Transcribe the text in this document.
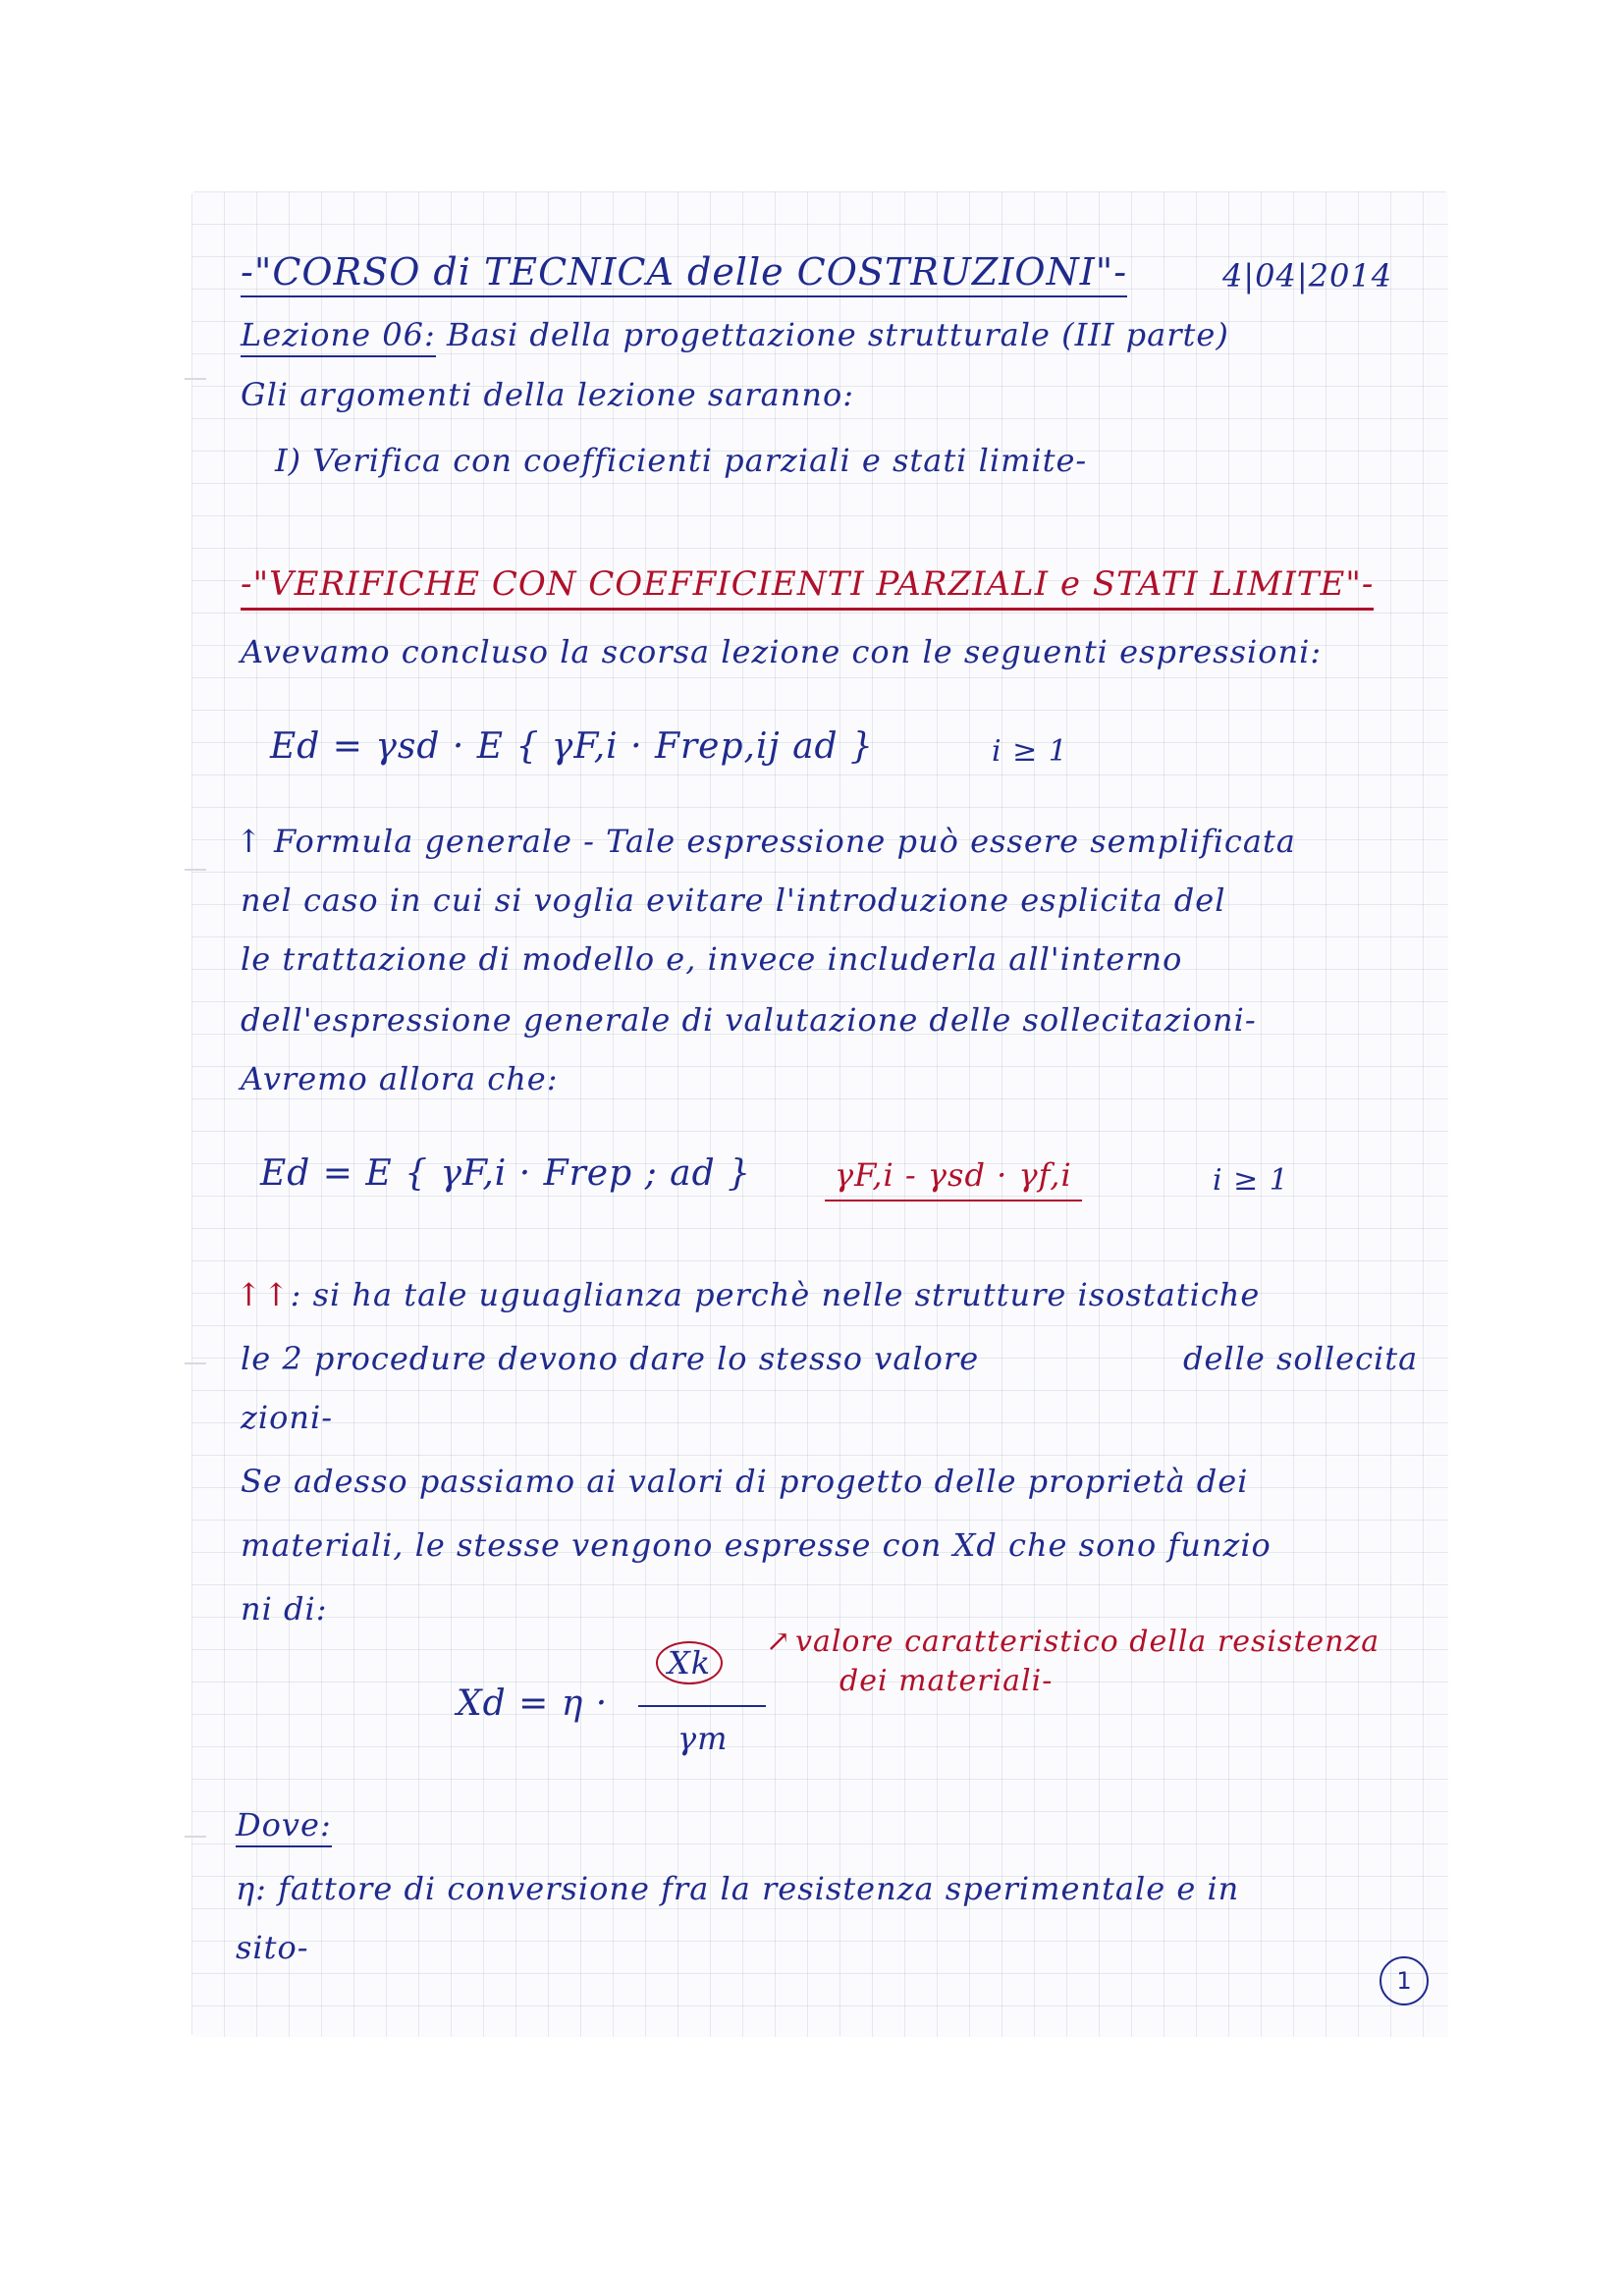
-"CORSO di TECNICA delle COSTRUZIONI"-	4|04|2014
Lezione 06: Basi della progettazione strutturale (III parte)
Gli argomenti della lezione saranno:
I) Verifica con coefficienti parziali e stati limite-
-"VERIFICHE CON COEFFICIENTI PARZIALI e STATI LIMITE"-
Avevamo concluso la scorsa lezione con le seguenti espressioni:
Ed = γsd · E { γF,i · Frep,ij ad }	i ≥ 1
↑ Formula generale - Tale espressione può essere semplificata
nel caso in cui si voglia evitare l'introduzione esplicita del
le trattazione di modello e, invece includerla all'interno
dell'espressione generale di valutazione delle sollecitazioni-
Avremo allora che:
Ed = E { γF,i · Frep ; ad }	γF,i - γsd · γf,i	i ≥ 1
↑↑: si ha tale uguaglianza perchè nelle strutture isostatiche
le 2 procedure devono dare lo stesso valore	delle sollecita
zioni-
Se adesso passiamo ai valori di progetto delle proprietà dei
materiali, le stesse vengono espresse con Xd che sono funzio
ni di:
Xd = η ·
Xk
γm
↗ valore caratteristico della resistenza
dei materiali-
Dove:
η: fattore di conversione fra la resistenza sperimentale e in
sito-
1
